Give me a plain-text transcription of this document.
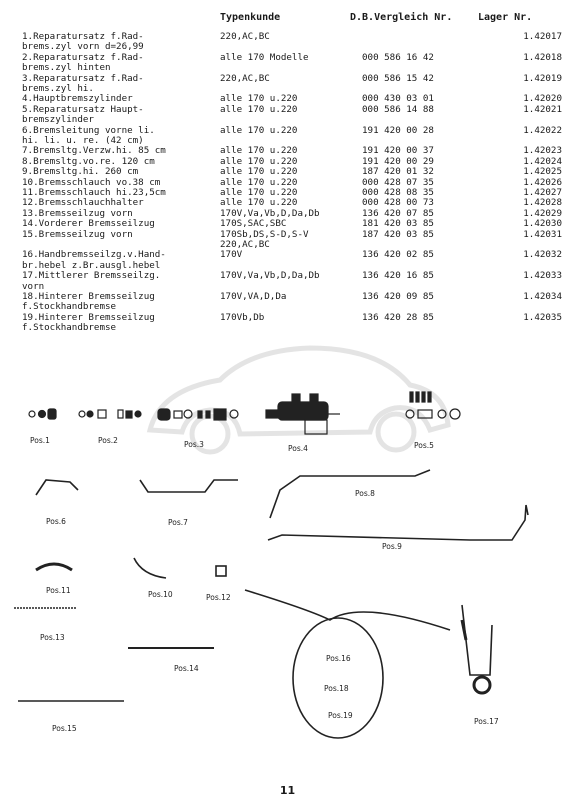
Typenkunde	D.B.Vergleich Nr.	Lager Nr.
1.Reparatursatz f.Rad-
brems.zyl vorn d=26,99
220,AC,BC	1.42017
2.Reparatursatz f.Rad-
brems.zyl hinten
alle 170 Modelle	000 586 16 42	1.42018
3.Reparatursatz f.Rad-
brems.zyl hi.
220,AC,BC	000 586 15 42	1.42019
4.Hauptbremszylinder	alle 170 u.220	000 430 03 01	1.42020
5.Reparatursatz Haupt-
bremszylinder
alle 170 u.220	000 586 14 88	1.42021
6.Bremsleitung vorne li.
hi. li. u. re. (42 cm)
alle 170 u.220	191 420 00 28	1.42022
7.Bremsltg.Verzw.hi. 85 cm	alle 170 u.220	191 420 00 37	1.42023
8.Bremsltg.vo.re. 120 cm	alle 170 u.220	191 420 00 29	1.42024
9.Bremsltg.hi. 260 cm	alle 170 u.220	187 420 01 32	1.42025
10.Bremsschlauch vo.38 cm	alle 170 u.220	000 428 07 35	1.42026
11.Bremsschlauch hi.23,5cm	alle 170 u.220	000 428 08 35	1.42027
12.Bremsschlauchhalter	alle 170 u.220	000 428 00 73	1.42028
13.Bremsseilzug vorn	170V,Va,Vb,D,Da,Db	136 420 07 85	1.42029
14.Vorderer Bremsseilzug	170S,SAC,SBC	181 420 03 85	1.42030
15.Bremsseilzug vorn	170Sb,DS,S-D,S-V
220,AC,BC
187 420 03 85	1.42031
16.Handbremsseilzg.v.Hand-
br.hebel z.Br.ausgl.hebel
170V	136 420 02 85	1.42032
17.Mittlerer Bremsseilzg.
vorn
170V,Va,Vb,D,Da,Db	136 420 16 85	1.42033
18.Hinterer Bremsseilzug
f.Stockhandbremse
170V,VA,D,Da	136 420 09 85	1.42034
19.Hinterer Bremsseilzug
f.Stockhandbremse
170Vb,Db	136 420 28 85	1.42035
Pos.1	Pos.2	Pos.3	Pos.4	Pos.5
Pos.6	Pos.7
Pos.8
Pos.9
Pos.10
Pos.11
Pos.12
Pos.13
Pos.14
Pos.15
Pos.16
Pos.17
Pos.18
Pos.19
11
